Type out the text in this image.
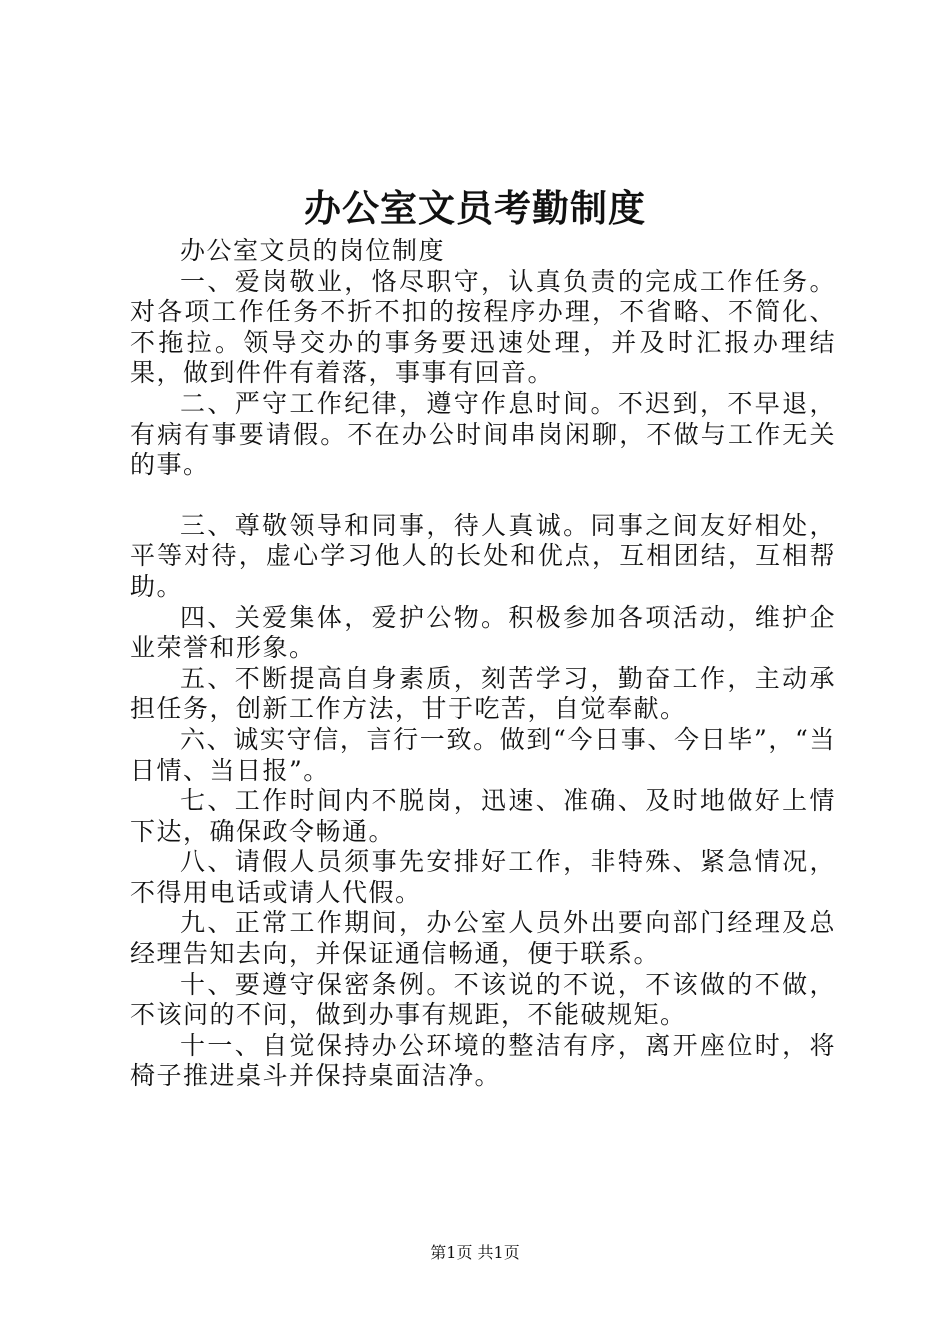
办公室文员考勤制度

办公室文员的岗位制度

一、爱岗敬业，恪尽职守，认真负责的完成工作任务。对各项工作任务不折不扣的按程序办理，不省略、不简化、不拖拉。领导交办的事务要迅速处理，并及时汇报办理结果，做到件件有着落，事事有回音。

二、严守工作纪律，遵守作息时间。不迟到，不早退，有病有事要请假。不在办公时间串岗闲聊，不做与工作无关的事。

三、尊敬领导和同事，待人真诚。同事之间友好相处，平等对待，虚心学习他人的长处和优点，互相团结，互相帮助。

四、关爱集体，爱护公物。积极参加各项活动，维护企业荣誉和形象。

五、不断提高自身素质，刻苦学习，勤奋工作，主动承担任务，创新工作方法，甘于吃苦，自觉奉献。

六、诚实守信，言行一致。做到“今日事、今日毕”，“当日情、当日报”。

七、工作时间内不脱岗，迅速、准确、及时地做好上情下达，确保政令畅通。

八、请假人员须事先安排好工作，非特殊、紧急情况，不得用电话或请人代假。

九、正常工作期间，办公室人员外出要向部门经理及总经理告知去向，并保证通信畅通，便于联系。

十、要遵守保密条例。不该说的不说，不该做的不做，不该问的不问，做到办事有规距，不能破规矩。

十一、自觉保持办公环境的整洁有序，离开座位时，将椅子推进桌斗并保持桌面洁净。

第1页 共1页
